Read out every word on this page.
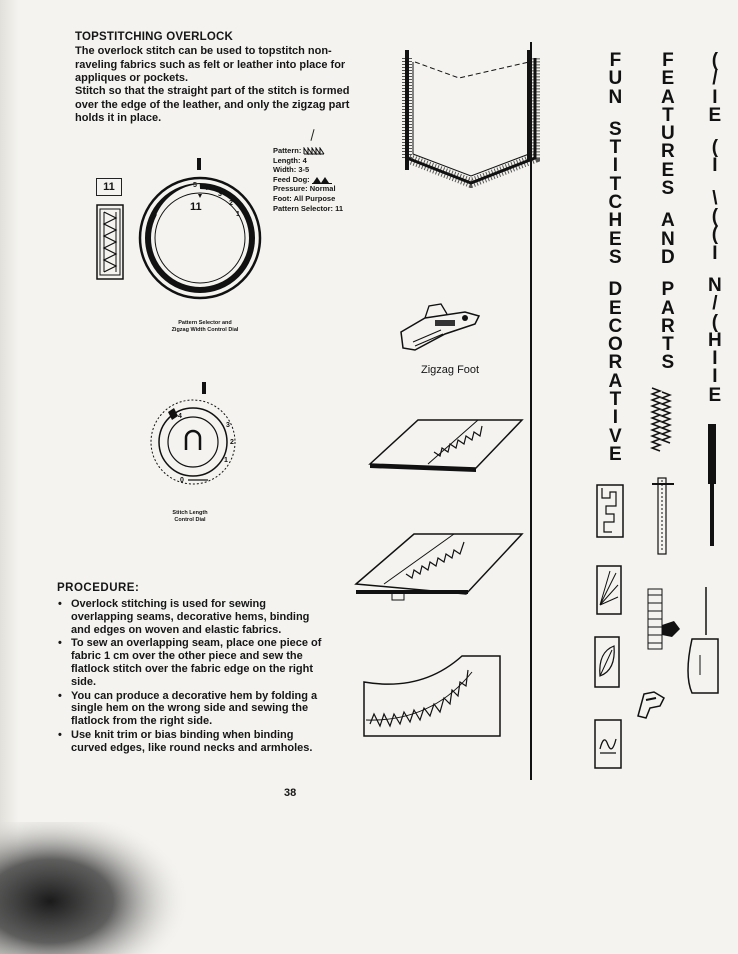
TOPSTITCHING OVERLOCK
The overlock stitch can be used to topstitch non-raveling fabrics such as felt or leather into place for appliques or pockets.
Stitch so that the straight part of the stitch is formed over the edge of the leather, and only the zigzag part holds it in place.
Pattern:
Length: 4
Width: 3-5
Feed Dog:
Pressure: Normal
Foot: All Purpose
Pattern Selector: 11
11	5 4
3
2
1
11
Pattern Selector and
Zigzag Width Control Dial
4
3
2
1
0
Stitch Length
Control Dial
Zigzag Foot
PROCEDURE:
• Overlock stitching is used for sewing overlapping seams, decorative hems, binding and edges on woven and elastic fabrics.
• To sew an overlapping seam, place one piece of fabric 1 cm over the other piece and sew the flatlock stitch over the fabric edge on the right side.
• You can produce a decorative hem by folding a single hem on the wrong side and sewing the flatlock from the right side.
• Use knit trim or bias binding when binding curved edges, like round necks and armholes.
38
F
U
N
S
T
I
T
C
H
E
S
D
E
C
O
R
A
T
I
V
E
F
E
A
T
U
R
E
S
A
N
D
P
A
R
T
S
(
/
I
E
(
I
\
(
(
I
N
/
(
H
I
I
E
